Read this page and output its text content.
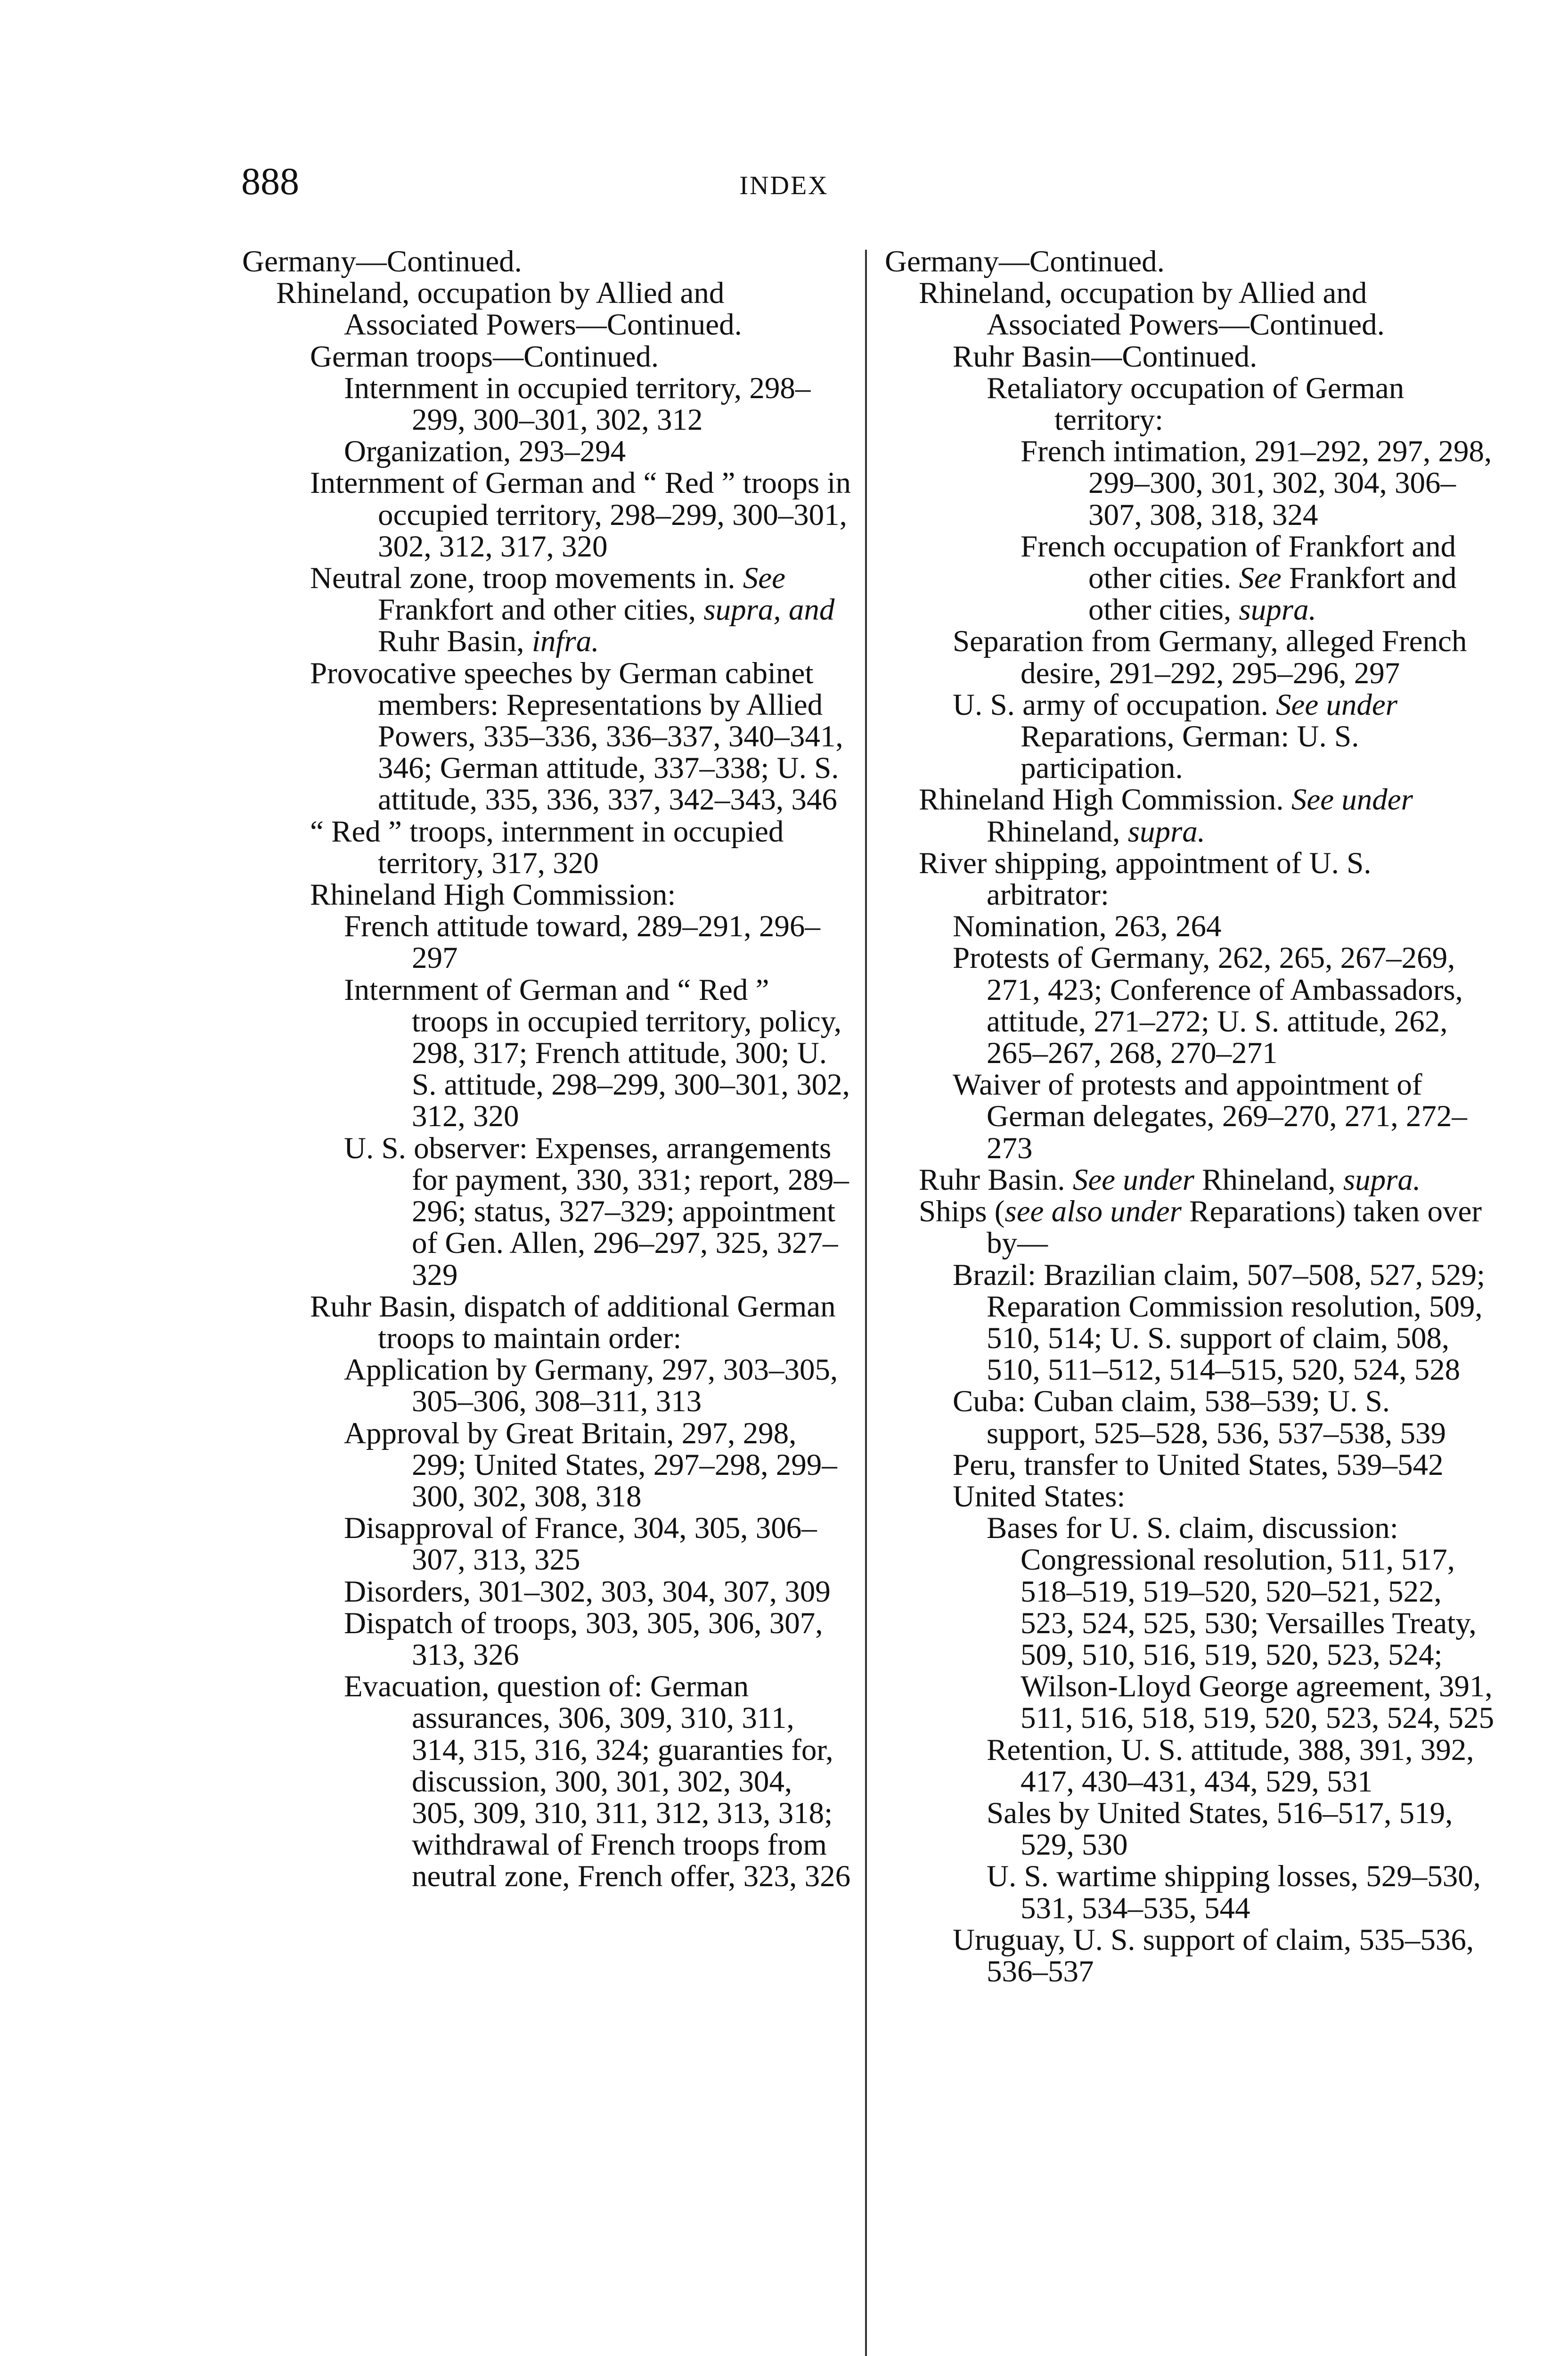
888	INDEX
Germany—Continued.
Rhineland, occupation by Allied and Associated Powers—Continued.
German troops—Continued.
Internment in occupied territory, 298–299, 300–301, 302, 312
Organization, 293–294
Internment of German and “ Red ” troops in occupied territory, 298–299, 300–301, 302, 312, 317, 320
Neutral zone, troop movements in. See Frankfort and other cities, supra, and Ruhr Basin, infra.
Provocative speeches by German cabinet members: Representations by Allied Powers, 335–336, 336–337, 340–341, 346; German attitude, 337–338; U. S. attitude, 335, 336, 337, 342–343, 346
“ Red ” troops, internment in occupied territory, 317, 320
Rhineland High Commission:
French attitude toward, 289–291, 296–297
Internment of German and “ Red ” troops in occupied territory, policy, 298, 317; French attitude, 300; U. S. attitude, 298–299, 300–301, 302, 312, 320
U. S. observer: Expenses, arrangements for payment, 330, 331; report, 289–296; status, 327–329; appointment of Gen. Allen, 296–297, 325, 327–329
Ruhr Basin, dispatch of additional German troops to maintain order:
Application by Germany, 297, 303–305, 305–306, 308–311, 313
Approval by Great Britain, 297, 298, 299; United States, 297–298, 299–300, 302, 308, 318
Disapproval of France, 304, 305, 306–307, 313, 325
Disorders, 301–302, 303, 304, 307, 309
Dispatch of troops, 303, 305, 306, 307, 313, 326
Evacuation, question of: German assurances, 306, 309, 310, 311, 314, 315, 316, 324; guaranties for, discussion, 300, 301, 302, 304, 305, 309, 310, 311, 312, 313, 318; withdrawal of French troops from neutral zone, French offer, 323, 326
Germany—Continued.
Rhineland, occupation by Allied and Associated Powers—Continued.
Ruhr Basin—Continued.
Retaliatory occupation of German territory:
French intimation, 291–292, 297, 298, 299–300, 301, 302, 304, 306–307, 308, 318, 324
French occupation of Frankfort and other cities. See Frankfort and other cities, supra.
Separation from Germany, alleged French desire, 291–292, 295–296, 297
U. S. army of occupation. See under Reparations, German: U. S. participation.
Rhineland High Commission. See under Rhineland, supra.
River shipping, appointment of U. S. arbitrator:
Nomination, 263, 264
Protests of Germany, 262, 265, 267–269, 271, 423; Conference of Ambassadors, attitude, 271–272; U. S. attitude, 262, 265–267, 268, 270–271
Waiver of protests and appointment of German delegates, 269–270, 271, 272–273
Ruhr Basin. See under Rhineland, supra.
Ships (see also under Reparations) taken over by—
Brazil: Brazilian claim, 507–508, 527, 529; Reparation Commission resolution, 509, 510, 514; U. S. support of claim, 508, 510, 511–512, 514–515, 520, 524, 528
Cuba: Cuban claim, 538–539; U. S. support, 525–528, 536, 537–538, 539
Peru, transfer to United States, 539–542
United States:
Bases for U. S. claim, discussion: Congressional resolution, 511, 517, 518–519, 519–520, 520–521, 522, 523, 524, 525, 530; Versailles Treaty, 509, 510, 516, 519, 520, 523, 524; Wilson-Lloyd George agreement, 391, 511, 516, 518, 519, 520, 523, 524, 525
Retention, U. S. attitude, 388, 391, 392, 417, 430–431, 434, 529, 531
Sales by United States, 516–517, 519, 529, 530
U. S. wartime shipping losses, 529–530, 531, 534–535, 544
Uruguay, U. S. support of claim, 535–536, 536–537
